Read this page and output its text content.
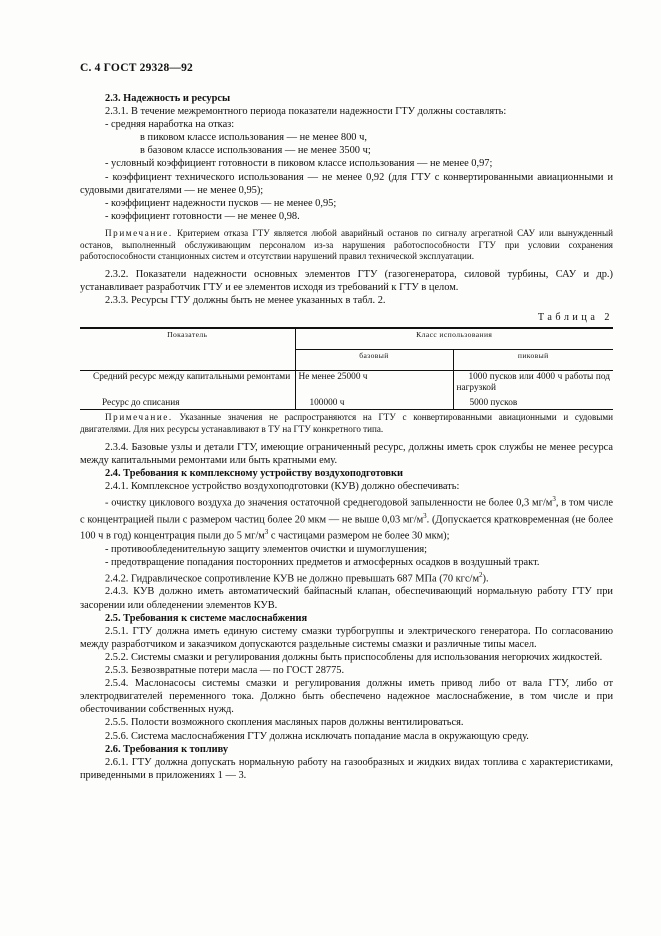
С. 4 ГОСТ 29328—92

2.3. Надежность и ресурсы

2.3.1. В течение межремонтного периода показатели надежности ГТУ должны составлять:

- средняя наработка на отказ:

в пиковом классе использования — не менее 800 ч,

в базовом классе использования — не менее 3500 ч;

- условный коэффициент готовности в пиковом классе использования — не менее 0,97;

- коэффициент технического использования — не менее 0,92 (для ГТУ с конвертированными авиационными и судовыми двигателями — не менее 0,95);

- коэффициент надежности пусков — не менее 0,95;

- коэффициент готовности — не менее 0,98.

Примечание. Критерием отказа ГТУ является любой аварийный останов по сигналу агрегатной САУ или вынужденный останов, выполненный обслуживающим персоналом из-за нарушения работоспособности ГТУ при условии сохранения работоспособности станционных систем и отсутствии нарушений правил технической эксплуатации.

2.3.2. Показатели надежности основных элементов ГТУ (газогенератора, силовой турбины, САУ и др.) устанавливает разработчик ГТУ и ее элементов исходя из требований к ГТУ в целом.

2.3.3. Ресурсы ГТУ должны быть не менее указанных в табл. 2.

Таблица 2
Показатель	Класс использования	
	базовый	пиковый
Средний ресурс между капитальными ремонтами	Не менее 25000 ч	1000 пусков или 4000 ч работы под нагрузкой
Ресурс до списания	100000 ч	5000 пусков

Примечание. Указанные значения не распространяются на ГТУ с конвертированными авиационными и судовыми двигателями. Для них ресурсы устанавливают в ТУ на ГТУ конкретного типа.

2.3.4. Базовые узлы и детали ГТУ, имеющие ограниченный ресурс, должны иметь срок службы не менее ресурса между капитальными ремонтами или быть кратными ему.

2.4. Требования к комплексному устройству воздухоподготовки

2.4.1. Комплексное устройство воздухоподготовки (КУВ) должно обеспечивать:

- очистку циклового воздуха до значения остаточной среднегодовой запыленности не более 0,3 $мг/м^3$, в том числе с концентрацией пыли с размером частиц более 20 мкм — не выше 0,03 $мг/м^3$. (Допускается кратковременная (не более 100 ч в год) концентрация пыли до 5 $мг/м^3$ с частицами размером не более 30 мкм);

- противообледенительную защиту элементов очистки и шумоглушения;

- предотвращение попадания посторонних предметов и атмосферных осадков в воздушный тракт.

2.4.2. Гидравлическое сопротивление КУВ не должно превышать 687 МПа (70 кгс/$м^2$).

2.4.3. КУВ должно иметь автоматический байпасный клапан, обеспечивающий нормальную работу ГТУ при засорении или обледенении элементов КУВ.

2.5. Требования к системе маслоснабжения

2.5.1. ГТУ должна иметь единую систему смазки турбогруппы и электрического генератора. По согласованию между разработчиком и заказчиком допускаются раздельные системы смазки и различные типы масел.

2.5.2. Системы смазки и регулирования должны быть приспособлены для использования негорючих жидкостей.

2.5.3. Безвозвратные потери масла — по ГОСТ 28775.

2.5.4. Маслонасосы системы смазки и регулирования должны иметь привод либо от вала ГТУ, либо от электродвигателей переменного тока. Должно быть обеспечено надежное маслоснабжение, в том числе и при обесточивании собственных нужд.

2.5.5. Полости возможного скопления масляных паров должны вентилироваться.

2.5.6. Система маслоснабжения ГТУ должна исключать попадание масла в окружающую среду.

2.6. Требования к топливу

2.6.1. ГТУ должна допускать нормальную работу на газообразных и жидких видах топлива с характеристиками, приведенными в приложениях 1 — 3.
